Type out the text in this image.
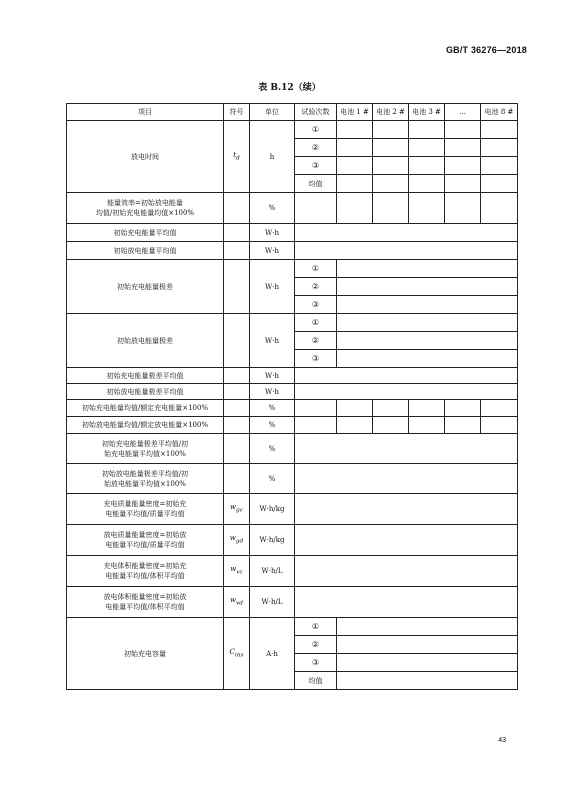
GB/T 36276—2018
表 B.12（续）
项目	符号	单位	试验次数	电池 1 #	电池 2 #	电池 3 #	…	电池 8 #
放电时间	$t_d$	h	①					
			②					
			③					
			均值					
能量效率=初始放电能量
均值/初始充电能量均值×100%		%						
初始充电能量平均值		W·h						
初始放电能量平均值		W·h						
初始充电能量极差		W·h	①					
			②					
			③					
初始放电能量极差		W·h	①					
			②					
			③					
初始充电能量极差平均值		W·h						
初始放电能量极差平均值		W·h						
初始充电能量均值/额定充电能量×100%		%						
初始放电能量均值/额定放电能量×100%		%						
初始充电能量极差平均值/初
始充电能量平均值×100%		%						
初始放电能量极差平均值/初
始放电能量平均值×100%		%						
充电质量能量密度=初始充
电能量平均值/质量平均值	$w_{gc}$	W·h/kg						
放电质量能量密度=初始放
电能量平均值/质量平均值	$w_{gd}$	W·h/kg						
充电体积能量密度=初始充
电能量平均值/体积平均值	$w_{vc}$	W·h/L						
放电体积能量密度=初始放
电能量平均值/体积平均值	$w_{vd}$	W·h/L						
初始充电容量	$C_{ins}$	A·h	①					
			②					
			③					
			均值					
43
